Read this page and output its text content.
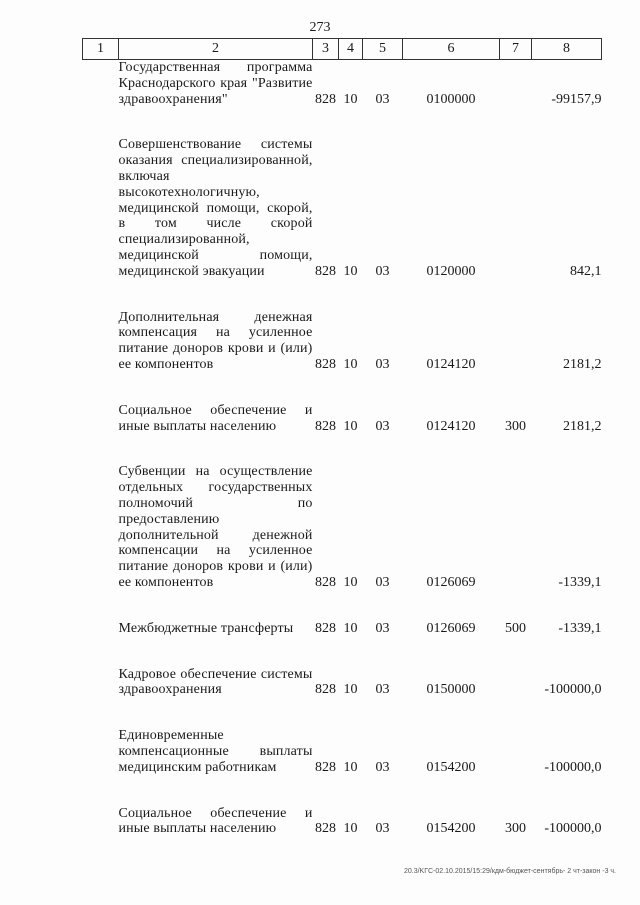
273
1	2	3	4	5	6	7	8
	Государственная программа Краснодарского края "Развитие здравоохранения"	828	10	03	0100000		-99157,9

	Совершенствование системы оказания специализированной, включая высокотехнологичную, медицинской помощи, скорой, в том числе скорой специализированной, медицинской помощи, медицинской эвакуации	828	10	03	0120000		842,1

	Дополнительная денежная компенсация на усиленное питание доноров крови и (или) ее компонентов	828	10	03	0124120		2181,2

	Социальное обеспечение и иные выплаты населению	828	10	03	0124120	300	2181,2

	Субвенции на осуществление отдельных государственных полномочий по предоставлению дополнительной денежной компенсации на усиленное питание доноров крови и (или) ее компонентов	828	10	03	0126069		-1339,1

	Межбюджетные трансферты	828	10	03	0126069	500	-1339,1

	Кадровое обеспечение системы здравоохранения	828	10	03	0150000		-100000,0

	Единовременные компенсационные выплаты медицинским работникам	828	10	03	0154200		-100000,0

	Социальное обеспечение и иные выплаты населению	828	10	03	0154200	300	-100000,0
20.3/KГC-02.10.2015/15:29/кдм-бюджет-сентябрь- 2 чт-закон -3 ч.
